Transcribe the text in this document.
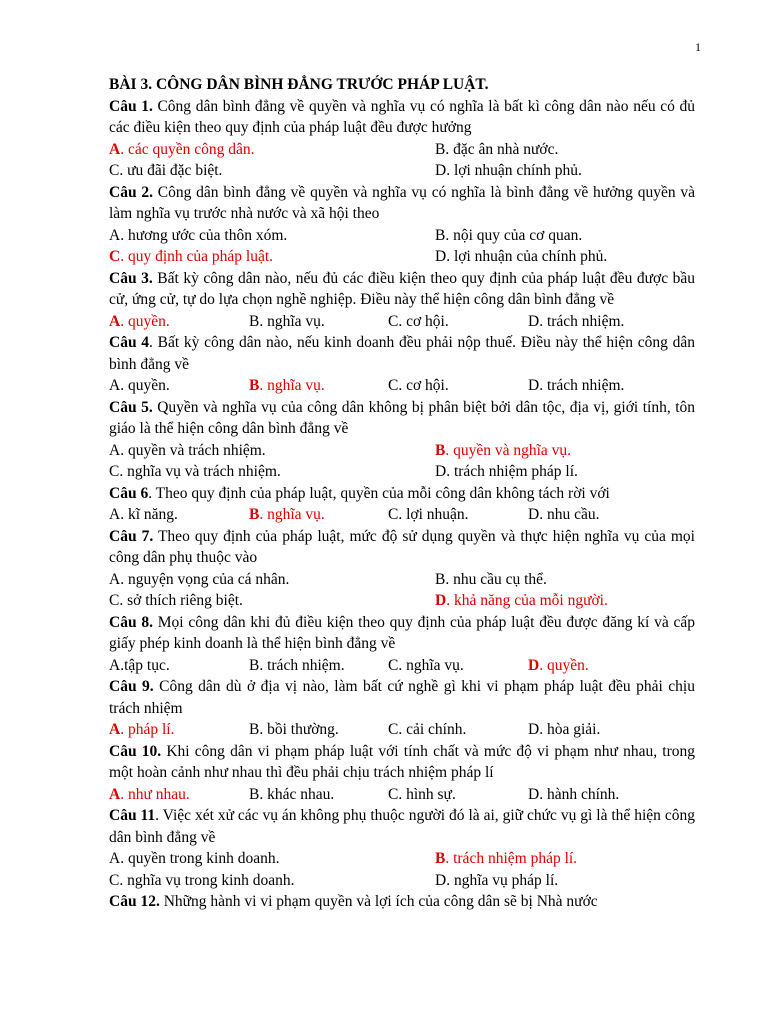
1
BÀI 3. CÔNG DÂN BÌNH ĐẲNG TRƯỚC PHÁP LUẬT.
Câu 1. Công dân bình đẳng về quyền và nghĩa vụ có nghĩa là bất kì công dân nào nếu có đủ các điều kiện theo quy định của pháp luật đều được hưởng
A. các quyền công dân.	B. đặc ân nhà nước.
C. ưu đãi đặc biệt.	D. lợi nhuận chính phủ.
Câu 2. Công dân bình đẳng về quyền và nghĩa vụ có nghĩa là bình đẳng về hưởng quyền và làm nghĩa vụ trước nhà nước và xã hội theo
A. hương ước của thôn xóm.	B. nội quy của cơ quan.
C. quy định của pháp luật.	D. lợi nhuận của chính phủ.
Câu 3. Bất kỳ công dân nào, nếu đủ các điều kiện theo quy định của pháp luật đều được bầu cử, ứng cử, tự do lựa chọn nghề nghiệp. Điều này thể hiện công dân bình đẳng về
A. quyền.	B. nghĩa vụ.	C. cơ hội.	D. trách nhiệm.
Câu 4. Bất kỳ công dân nào, nếu kinh doanh đều phải nộp thuế. Điều này thể hiện công dân bình đẳng về
A. quyền.	B. nghĩa vụ.	C. cơ hội.	D. trách nhiệm.
Câu 5. Quyền và nghĩa vụ của công dân không bị phân biệt bởi dân tộc, địa vị, giới tính, tôn giáo là thể hiện công dân bình đẳng về
A. quyền và trách nhiệm.	B. quyền và nghĩa vụ.
C. nghĩa vụ và trách nhiệm.	D. trách nhiệm pháp lí.
Câu 6. Theo quy định của pháp luật, quyền của mỗi công dân không tách rời với
A. kĩ năng.	B. nghĩa vụ.	C. lợi nhuận.	D. nhu cầu.
Câu 7. Theo quy định của pháp luật, mức độ sử dụng quyền và thực hiện nghĩa vụ của mọi công dân phụ thuộc vào
A. nguyện vọng của cá nhân.	B. nhu cầu cụ thể.
C. sở thích riêng biệt.	D. khả năng của mỗi người.
Câu 8. Mọi công dân khi đủ điều kiện theo quy định của pháp luật đều được đăng kí và cấp giấy phép kinh doanh là thể hiện bình đẳng về
A.tập tục.	B. trách nhiệm.	C. nghĩa vụ.	D. quyền.
Câu 9. Công dân dù ở địa vị nào, làm bất cứ nghề gì khi vi phạm pháp luật đều phải chịu trách nhiệm
A. pháp lí.	B. bồi thường.	C. cải chính.	D. hòa giải.
Câu 10. Khi công dân vi phạm pháp luật với tính chất và mức độ vi phạm như nhau, trong một hoàn cảnh như nhau thì đều phải chịu trách nhiệm pháp lí
A. như nhau.	B. khác nhau.	C. hình sự.	D. hành chính.
Câu 11. Việc xét xử các vụ án không phụ thuộc người đó là ai, giữ chức vụ gì là thể hiện công dân bình đẳng về
A. quyền trong kinh doanh.	B. trách nhiệm pháp lí.
C. nghĩa vụ trong kinh doanh.	D. nghĩa vụ pháp lí.
Câu 12. Những hành vi vi phạm quyền và lợi ích của công dân sẽ bị Nhà nước
